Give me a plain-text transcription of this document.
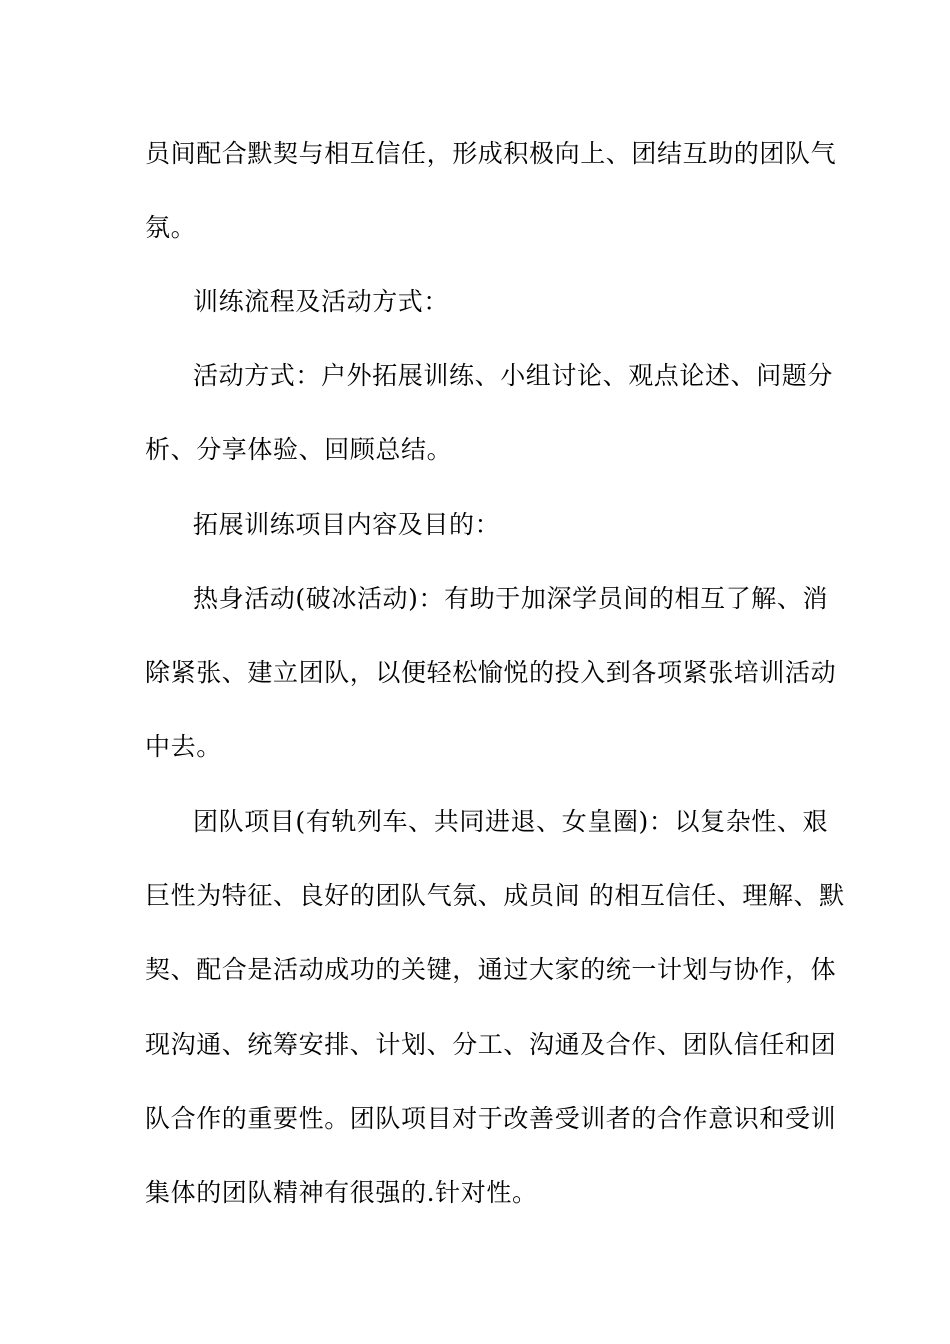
员间配合默契与相互信任，形成积极向上、团结互助的团队气
氛。
训练流程及活动方式：
活动方式：户外拓展训练、小组讨论、观点论述、问题分
析、分享体验、回顾总结。
拓展训练项目内容及目的：
热身活动(破冰活动)：有助于加深学员间的相互了解、消
除紧张、建立团队，以便轻松愉悦的投入到各项紧张培训活动
中去。
团队项目(有轨列车、共同进退、女皇圈)：以复杂性、艰
巨性为特征、良好的团队气氛、成员间 的相互信任、理解、默
契、配合是活动成功的关键，通过大家的统一计划与协作，体
现沟通、统筹安排、计划、分工、沟通及合作、团队信任和团
队合作的重要性。团队项目对于改善受训者的合作意识和受训
集体的团队精神有很强的.针对性。
